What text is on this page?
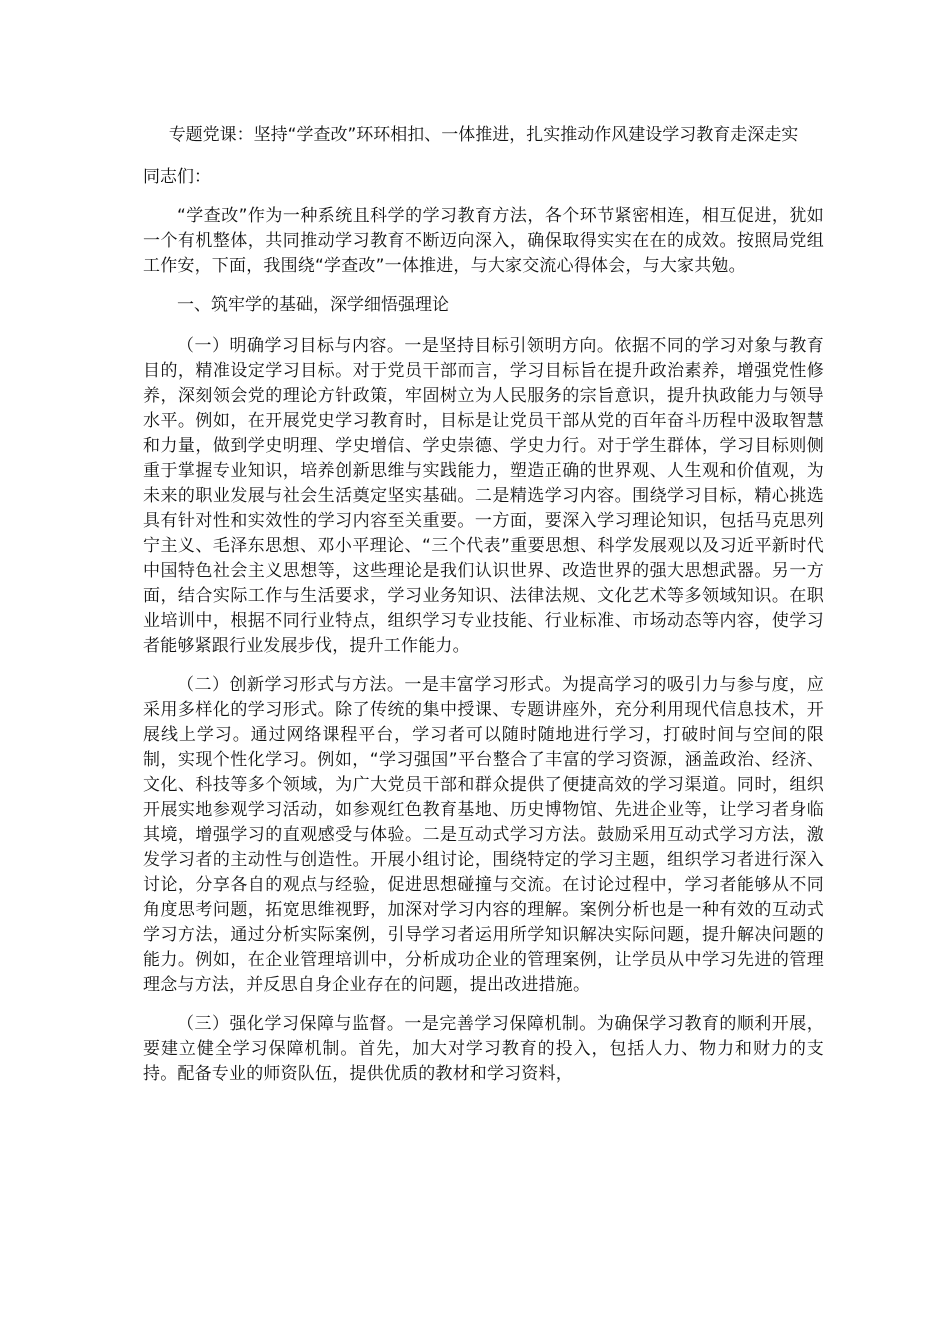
专题党课：坚持“学查改”环环相扣、一体推进，扎实推动作风建设学习教育走深走实
同志们：

“学查改”作为一种系统且科学的学习教育方法，各个环节紧密相连，相互促进，犹如一个有机整体，共同推动学习教育不断迈向深入，确保取得实实在在的成效。按照局党组工作安，下面，我围绕“学查改”一体推进，与大家交流心得体会，与大家共勉。

一、筑牢学的基础，深学细悟强理论

（一）明确学习目标与内容。一是坚持目标引领明方向。依据不同的学习对象与教育目的，精准设定学习目标。对于党员干部而言，学习目标旨在提升政治素养，增强党性修养，深刻领会党的理论方针政策，牢固树立为人民服务的宗旨意识，提升执政能力与领导水平。例如，在开展党史学习教育时，目标是让党员干部从党的百年奋斗历程中汲取智慧和力量，做到学史明理、学史增信、学史崇德、学史力行。对于学生群体，学习目标则侧重于掌握专业知识，培养创新思维与实践能力，塑造正确的世界观、人生观和价值观，为未来的职业发展与社会生活奠定坚实基础。二是精选学习内容。围绕学习目标，精心挑选具有针对性和实效性的学习内容至关重要。一方面，要深入学习理论知识，包括马克思列宁主义、毛泽东思想、邓小平理论、“三个代表”重要思想、科学发展观以及习近平新时代中国特色社会主义思想等，这些理论是我们认识世界、改造世界的强大思想武器。另一方面，结合实际工作与生活要求，学习业务知识、法律法规、文化艺术等多领域知识。在职业培训中，根据不同行业特点，组织学习专业技能、行业标准、市场动态等内容，使学习者能够紧跟行业发展步伐，提升工作能力。

（二）创新学习形式与方法。一是丰富学习形式。为提高学习的吸引力与参与度，应采用多样化的学习形式。除了传统的集中授课、专题讲座外，充分利用现代信息技术，开展线上学习。通过网络课程平台，学习者可以随时随地进行学习，打破时间与空间的限制，实现个性化学习。例如，“学习强国”平台整合了丰富的学习资源，涵盖政治、经济、文化、科技等多个领域，为广大党员干部和群众提供了便捷高效的学习渠道。同时，组织开展实地参观学习活动，如参观红色教育基地、历史博物馆、先进企业等，让学习者身临其境，增强学习的直观感受与体验。二是互动式学习方法。鼓励采用互动式学习方法，激发学习者的主动性与创造性。开展小组讨论，围绕特定的学习主题，组织学习者进行深入讨论，分享各自的观点与经验，促进思想碰撞与交流。在讨论过程中，学习者能够从不同角度思考问题，拓宽思维视野，加深对学习内容的理解。案例分析也是一种有效的互动式学习方法，通过分析实际案例，引导学习者运用所学知识解决实际问题，提升解决问题的能力。例如，在企业管理培训中，分析成功企业的管理案例，让学员从中学习先进的管理理念与方法，并反思自身企业存在的问题，提出改进措施。

（三）强化学习保障与监督。一是完善学习保障机制。为确保学习教育的顺利开展，要建立健全学习保障机制。首先，加大对学习教育的投入，包括人力、物力和财力的支持。配备专业的师资队伍，提供优质的教材和学习资料，
